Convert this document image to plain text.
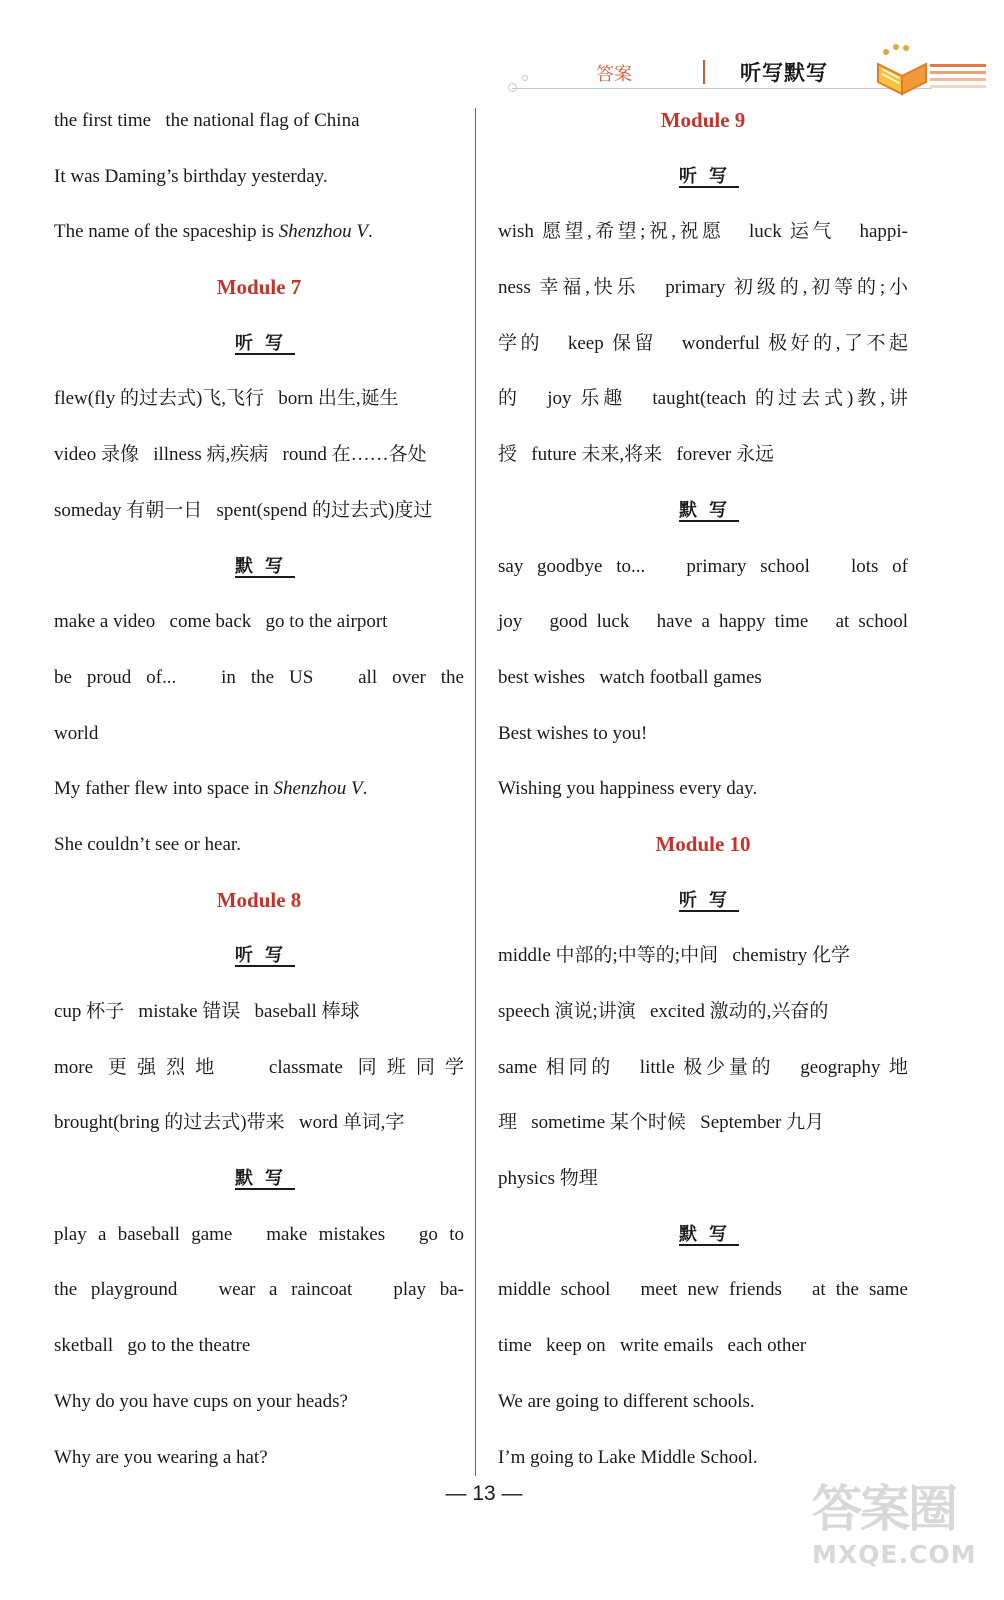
答案	听写默写
the first time   the national flag of China
It was Daming’s birthday yesterday.
The name of the spaceship is Shenzhou V.
Module 7
听写
flew(fly 的过去式)飞,飞行   born 出生,诞生
video 录像   illness 病,疾病   round 在……各处
someday 有朝一日   spent(spend 的过去式)度过
默写
make a video   come back   go to the airport
be proud of...   in the US   all over the
world
My father flew into space in Shenzhou V.
She couldn’t see or hear.
Module 8
听写
cup 杯子   mistake 错误   baseball 棒球
more 更强烈地   classmate 同班同学
brought(bring 的过去式)带来   word 单词,字
默写
play a baseball game   make mistakes   go to
the playground   wear a raincoat   play ba-
sketball   go to the theatre
Why do you have cups on your heads?
Why are you wearing a hat?
Module 9
听写
wish 愿望,希望;祝,祝愿   luck 运气   happi-
ness 幸福,快乐   primary 初级的,初等的;小
学的   keep 保留   wonderful 极好的,了不起
的   joy 乐趣   taught(teach 的过去式)教,讲
授   future 未来,将来   forever 永远
默写
say goodbye to...   primary school   lots of
joy   good luck   have a happy time   at school
best wishes   watch football games
Best wishes to you!
Wishing you happiness every day.
Module 10
听写
middle 中部的;中等的;中间   chemistry 化学
speech 演说;讲演   excited 激动的,兴奋的
same 相同的   little 极少量的   geography 地
理   sometime 某个时候   September 九月
physics 物理
默写
middle school   meet new friends   at the same
time   keep on   write emails   each other
We are going to different schools.
I’m going to Lake Middle School.
— 13 —	答案圈
MXQE.COM
